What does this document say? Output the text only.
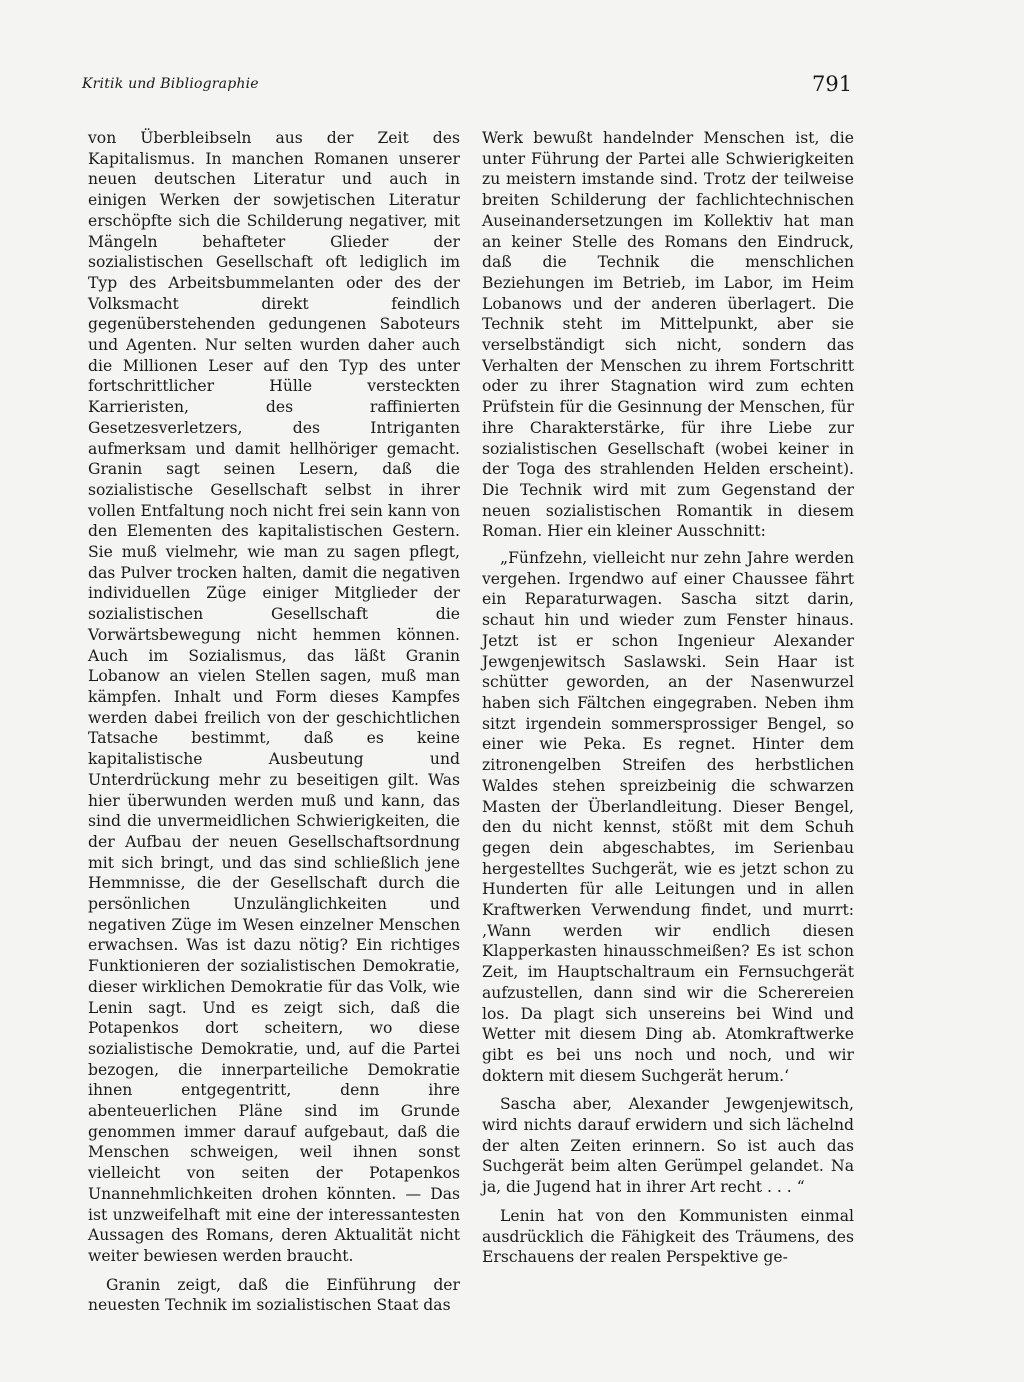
Kritik und Bibliographie	791

von Überbleibseln aus der Zeit des Kapitalismus. In manchen Romanen unserer neuen deutschen Literatur und auch in einigen Werken der sowjetischen Literatur erschöpfte sich die Schilderung negativer, mit Mängeln behafteter Glieder der sozialistischen Gesellschaft oft lediglich im Typ des Arbeitsbummelanten oder des der Volksmacht direkt feindlich gegenüberstehenden gedungenen Saboteurs und Agenten. Nur selten wurden daher auch die Millionen Leser auf den Typ des unter fortschrittlicher Hülle versteckten Karrieristen, des raffinierten Gesetzesverletzers, des Intriganten aufmerksam und damit hellhöriger gemacht. Granin sagt seinen Lesern, daß die sozialistische Gesellschaft selbst in ihrer vollen Entfaltung noch nicht frei sein kann von den Elementen des kapitalistischen Gestern. Sie muß vielmehr, wie man zu sagen pflegt, das Pulver trocken halten, damit die negativen individuellen Züge einiger Mitglieder der sozialistischen Gesellschaft die Vorwärtsbewegung nicht hemmen können. Auch im Sozialismus, das läßt Granin Lobanow an vielen Stellen sagen, muß man kämpfen. Inhalt und Form dieses Kampfes werden dabei freilich von der geschichtlichen Tatsache bestimmt, daß es keine kapitalistische Ausbeutung und Unterdrückung mehr zu beseitigen gilt. Was hier überwunden werden muß und kann, das sind die unvermeidlichen Schwierigkeiten, die der Aufbau der neuen Gesellschaftsordnung mit sich bringt, und das sind schließlich jene Hemmnisse, die der Gesellschaft durch die persönlichen Unzulänglichkeiten und negativen Züge im Wesen einzelner Menschen erwachsen. Was ist dazu nötig? Ein richtiges Funktionieren der sozialistischen Demokratie, dieser wirklichen Demokratie für das Volk, wie Lenin sagt. Und es zeigt sich, daß die Potapenkos dort scheitern, wo diese sozialistische Demokratie, und, auf die Partei bezogen, die innerparteiliche Demokratie ihnen entgegentritt, denn ihre abenteuerlichen Pläne sind im Grunde genommen immer darauf aufgebaut, daß die Menschen schweigen, weil ihnen sonst vielleicht von seiten der Potapenkos Unannehmlichkeiten drohen könnten. — Das ist unzweifelhaft mit eine der interessantesten Aussagen des Romans, deren Aktualität nicht weiter bewiesen werden braucht.

Granin zeigt, daß die Einführung der neuesten Technik im sozialistischen Staat das

Werk bewußt handelnder Menschen ist, die unter Führung der Partei alle Schwierigkeiten zu meistern imstande sind. Trotz der teilweise breiten Schilderung der fachlichtechnischen Auseinandersetzungen im Kollektiv hat man an keiner Stelle des Romans den Eindruck, daß die Technik die menschlichen Beziehungen im Betrieb, im Labor, im Heim Lobanows und der anderen überlagert. Die Technik steht im Mittelpunkt, aber sie verselbständigt sich nicht, sondern das Verhalten der Menschen zu ihrem Fortschritt oder zu ihrer Stagnation wird zum echten Prüfstein für die Gesinnung der Menschen, für ihre Charakterstärke, für ihre Liebe zur sozialistischen Gesellschaft (wobei keiner in der Toga des strahlenden Helden erscheint). Die Technik wird mit zum Gegenstand der neuen sozialistischen Romantik in diesem Roman. Hier ein kleiner Ausschnitt:

„Fünfzehn, vielleicht nur zehn Jahre werden vergehen. Irgendwo auf einer Chaussee fährt ein Reparaturwagen. Sascha sitzt darin, schaut hin und wieder zum Fenster hinaus. Jetzt ist er schon Ingenieur Alexander Jewgenjewitsch Saslawski. Sein Haar ist schütter geworden, an der Nasenwurzel haben sich Fältchen eingegraben. Neben ihm sitzt irgendein sommersprossiger Bengel, so einer wie Peka. Es regnet. Hinter dem zitronengelben Streifen des herbstlichen Waldes stehen spreizbeinig die schwarzen Masten der Überlandleitung. Dieser Bengel, den du nicht kennst, stößt mit dem Schuh gegen dein abgeschabtes, im Serienbau hergestelltes Suchgerät, wie es jetzt schon zu Hunderten für alle Leitungen und in allen Kraftwerken Verwendung findet, und murrt: ‚Wann werden wir endlich diesen Klapperkasten hinausschmeißen? Es ist schon Zeit, im Hauptschaltraum ein Fernsuchgerät aufzustellen, dann sind wir die Scherereien los. Da plagt sich unsereins bei Wind und Wetter mit diesem Ding ab. Atomkraftwerke gibt es bei uns noch und noch, und wir doktern mit diesem Suchgerät herum.‘

Sascha aber, Alexander Jewgenjewitsch, wird nichts darauf erwidern und sich lächelnd der alten Zeiten erinnern. So ist auch das Suchgerät beim alten Gerümpel gelandet. Na ja, die Jugend hat in ihrer Art recht . . . “

Lenin hat von den Kommunisten einmal ausdrücklich die Fähigkeit des Träumens, des Erschauens der realen Perspektive ge-
